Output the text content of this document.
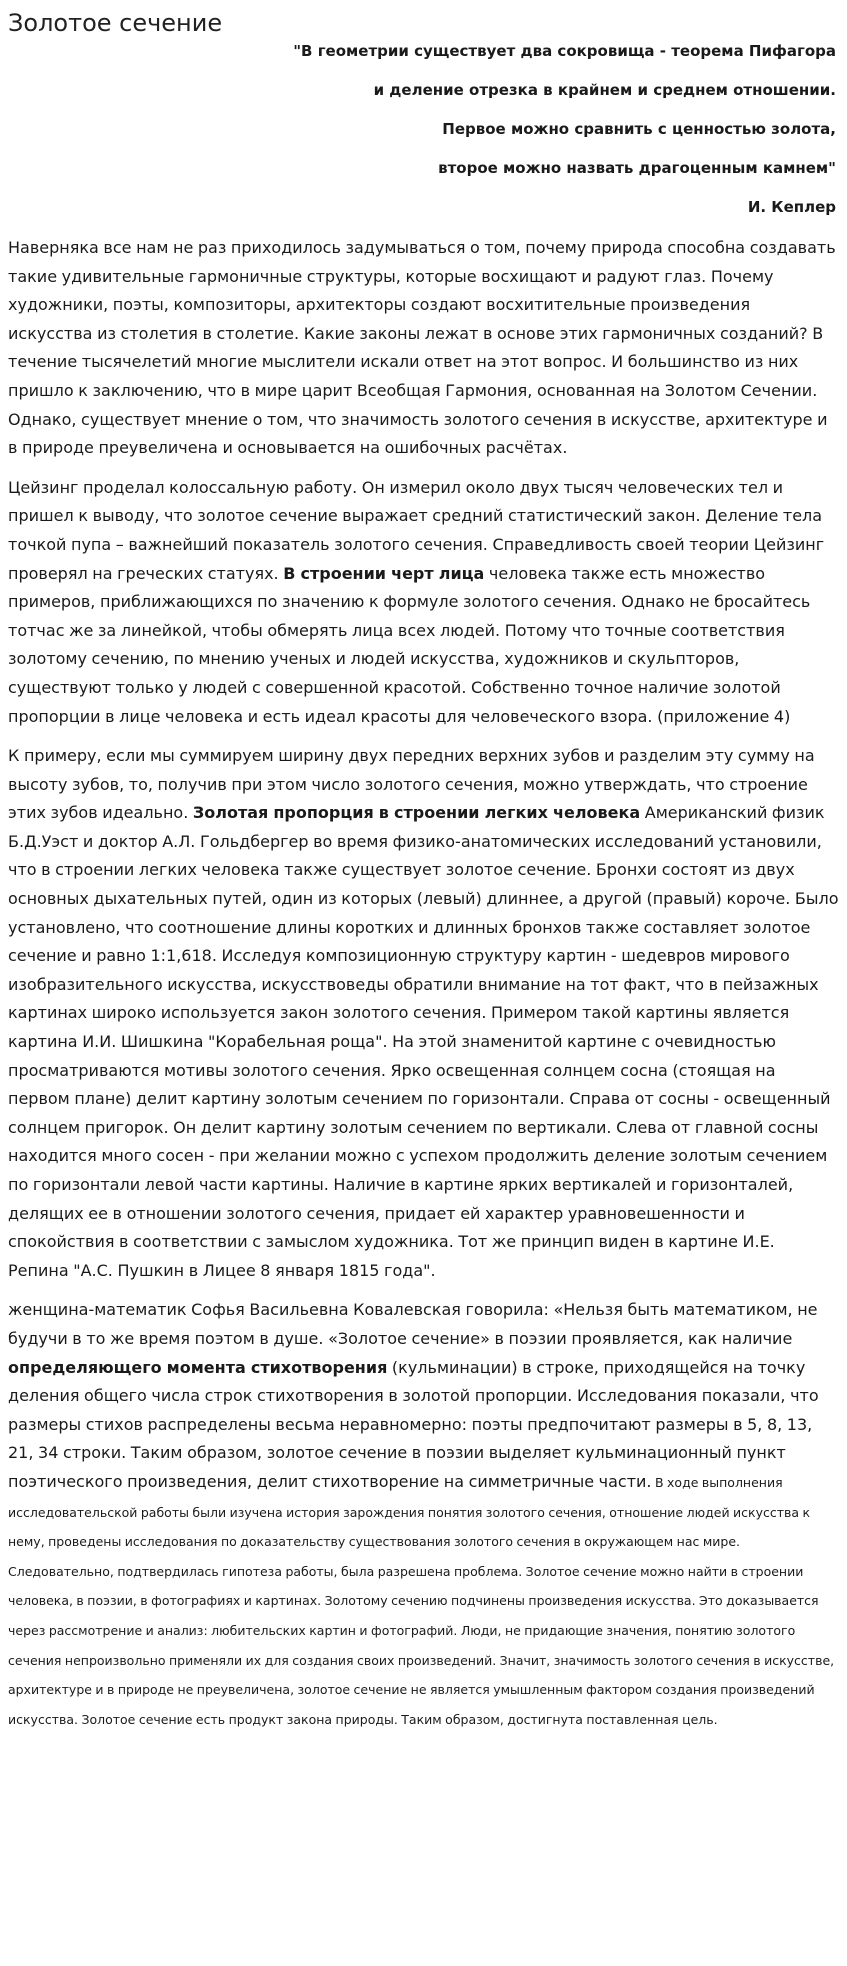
Золотое сечение

"В геометрии существует два сокровища - теорема Пифагора

и деление отрезка в крайнем и среднем отношении.

Первое можно сравнить с ценностью золота,

второе можно назвать драгоценным камнем"

И. Кеплер

Наверняка все нам не раз приходилось задумываться о том, почему природа способна создавать такие удивительные гармоничные структуры, которые восхищают и радуют глаз. Почему художники, поэты, композиторы, архитекторы создают восхитительные произведения искусства из столетия в столетие. Какие законы лежат в основе этих гармоничных созданий? В течение тысячелетий многие мыслители искали ответ на этот вопрос. И большинство из них пришло к заключению, что в мире царит Всеобщая Гармония, основанная на Золотом Сечении. Однако, существует мнение о том, что значимость золотого сечения в искусстве, архитектуре и в природе преувеличена и основывается на ошибочных расчётах.

Цейзинг проделал колоссальную работу. Он измерил около двух тысяч человеческих тел и пришел к выводу, что золотое сечение выражает средний статистический закон. Деление тела точкой пупа – важнейший показатель золотого сечения. Справедливость своей теории Цейзинг проверял на греческих статуях. В строении черт лица человека также есть множество примеров, приближающихся по значению к формуле золотого сечения. Однако не бросайтесь тотчас же за линейкой, чтобы обмерять лица всех людей. Потому что точные соответствия золотому сечению, по мнению ученых и людей искусства, художников и скульпторов, существуют только у людей с совершенной красотой. Собственно точное наличие золотой пропорции в лице человека и есть идеал красоты для человеческого взора. (приложение 4)

К примеру, если мы суммируем ширину двух передних верхних зубов и разделим эту сумму на высоту зубов, то, получив при этом число золотого сечения, можно утверждать, что строение этих зубов идеально. Золотая пропорция в строении легких человека Американский физик Б.Д.Уэст и доктор А.Л. Гольдбергер во время физико-анатомических исследований установили, что в строении легких человека также существует золотое сечение. Бронхи состоят из двух основных дыхательных путей, один из которых (левый) длиннее, а другой (правый) короче. Было установлено, что соотношение длины коротких и длинных бронхов также составляет золотое сечение и равно 1:1,618. Исследуя композиционную структуру картин - шедевров мирового изобразительного искусства, искусствоведы обратили внимание на тот факт, что в пейзажных картинах широко используется закон золотого сечения. Примером такой картины является картина И.И. Шишкина "Корабельная роща". На этой знаменитой картине с очевидностью просматриваются мотивы золотого сечения. Ярко освещенная солнцем сосна (стоящая на первом плане) делит картину золотым сечением по горизонтали. Справа от сосны - освещенный солнцем пригорок. Он делит картину золотым сечением по вертикали. Слева от главной сосны находится много сосен - при желании можно с успехом продолжить деление золотым сечением по горизонтали левой части картины. Наличие в картине ярких вертикалей и горизонталей, делящих ее в отношении золотого сечения, придает ей характер уравновешенности и спокойствия в соответствии с замыслом художника. Тот же принцип виден в картине И.Е. Репина "А.С. Пушкин в Лицее 8 января 1815 года".

женщина-математик Софья Васильевна Ковалевская говорила: «Нельзя быть математиком, не будучи в то же время поэтом в душе. «Золотое сечение» в поэзии проявляется, как наличие определяющего момента стихотворения (кульминации) в строке, приходящейся на точку деления общего числа строк стихотворения в золотой пропорции. Исследования показали, что размеры стихов распределены весьма неравномерно: поэты предпочитают размеры в 5, 8, 13, 21, 34 строки. Таким образом, золотое сечение в поэзии выделяет кульминационный пункт поэтического произведения, делит стихотворение на симметричные части. В ходе выполнения исследовательской работы были изучена история зарождения понятия золотого сечения, отношение людей искусства к нему, проведены исследования по доказательству существования золотого сечения в окружающем нас мире. Следовательно, подтвердилась гипотеза работы, была разрешена проблема. Золотое сечение можно найти в строении человека, в поэзии, в фотографиях и картинах. Золотому сечению подчинены произведения искусства. Это доказывается через рассмотрение и анализ: любительских картин и фотографий. Люди, не придающие значения, понятию золотого сечения непроизвольно применяли их для создания своих произведений. Значит, значимость золотого сечения в искусстве, архитектуре и в природе не преувеличена, золотое сечение не является умышленным фактором создания произведений искусства. Золотое сечение есть продукт закона природы. Таким образом, достигнута поставленная цель.
